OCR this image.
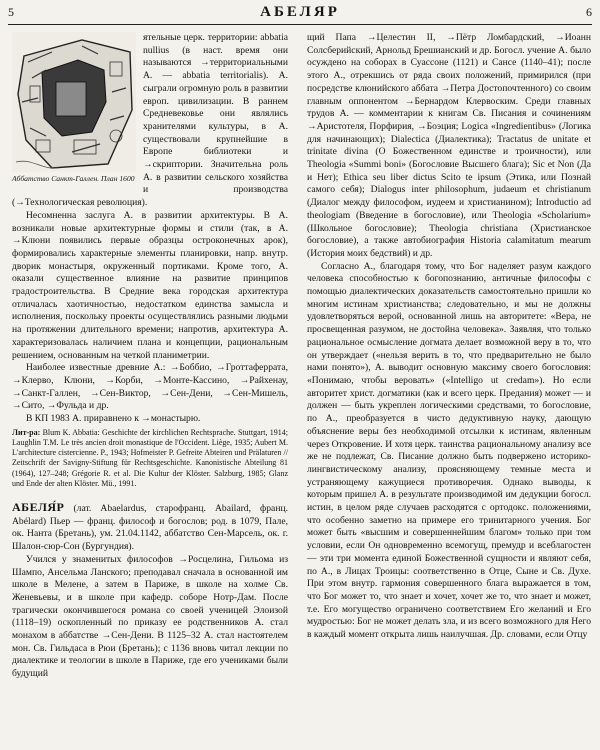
5	АБЕЛЯР	6
Аббатство Санкт-Галлен. План 1600

ятельные церк. территории: abbatia nullius (в наст. время они называются →территориальными А. — abbatia territorialis). А. сыграли огромную роль в развитии европ. цивилизации. В раннем Средневековье они являлись хранителями культуры, в А. существовали крупнейшие в Европе библиотеки и →скриптории. Значительна роль А. в развитии сельского хозяйства и производства (→Технологическая революция).

Несомненна заслуга А. в развитии архитектуры. В А. возникали новые архитектурные формы и стили (так, в А. →Клюни появились первые образцы остроконечных арок), формировались характерные элементы планировки, напр. внутр. дворик монастыря, окруженный портиками. Кроме того, А. оказали существенное влияние на развитие принципов градостроительства. В Средние века городская архитектура отличалась хаотичностью, недостатком единства замысла и исполнения, поскольку проекты осуществлялись разными людьми на протяжении длительного времени; напротив, архитектура А. характеризовалась наличием плана и концепции, рациональным решением, основанным на четкой планиметрии.

Наиболее известные древние А.: →Боббио, →Гроттаферрата, →Клерво, Клюни, →Корби, →Монте-Кассино, →Райхенау, →Санкт-Галлен, →Сен-Виктор, →Сен-Дени, →Сен-Мишель, →Сито, →Фульда и др.

В КП 1983 А. приравнено к →монастырю.

Лит-ра: Blum K. Abbatia: Geschichte der kirchlichen Rechtsprache. Stuttgart, 1914; Laughlin T.M. Le très ancien droit monastique de l'Occident. Liège, 1935; Aubert M. L'architecture cistercienne. P., 1943; Hofmeister P. Gefreite Abteiren und Prälaturen // Zeitschrift der Savigny-Stiftung für Rechtsgeschichte. Kanonistische Abteilung 81 (1964), 127–248; Grégorie R. et al. Die Kultur der Klöster. Salzburg, 1985; Glanz und Ende der alten Klöster. Mü., 1991.

АБЕЛЯ́Р (лат. Abaelardus, старофранц. Abailard, франц. Abélard) Пьер — франц. философ и богослов; род. в 1079, Пале, ок. Нанта (Бретань), ум. 21.04.1142, аббатство Сен-Марсель, ок. г. Шалон-сюр-Сон (Бургундия).

Учился у знаменитых философов →Росцелина, Гильома из Шампо, Ансельма Ланского; преподавал сначала в основанной им школе в Мелене, а затем в Париже, в школе на холме Св. Женевьевы, и в школе при кафедр. соборе Нотр-Дам. После трагически окончившегося романа со своей ученицей Элоизой (1118–19) оскопленный по приказу ее родственников А. стал монахом в аббатстве →Сен-Дени. В 1125–32 А. стал настоятелем мон. Св. Гильдаса в Рюи (Бретань); с 1136 вновь читал лекции по диалектике и теологии в школе в Париже, где его учениками были будущий

щий Папа →Целестин II, →Пётр Ломбардский, →Иоанн Солсберийский, Арнольд Брешианский и др. Богосл. учение А. было осуждено на соборах в Суассоне (1121) и Сансе (1140–41); после этого А., отрекшись от ряда своих положений, примирился (при посредстве клюнийского аббата →Петра Достопочтенного) со своим главным оппонентом →Бернардом Клервоским. Среди главных трудов А. — комментарии к книгам Св. Писания и сочинениям →Аристотеля, Порфирия, →Боэция; Logica «Ingredientibus» (Логика для начинающих); Dialectica (Диалектика); Tractatus de unitate et trinitate divina (О Божественном единстве и троичности), или Theologia «Summi boni» (Богословие Высшего блага); Sic et Non (Да и Нет); Ethica seu liber dictus Scito te ipsum (Этика, или Познай самого себя); Dialogus inter philosophum, judaeum et christianum (Диалог между философом, иудеем и христианином); Introductio ad theologiam (Введение в богословие), или Theologia «Scholarium» (Школьное богословие); Theologia christiana (Христианское богословие), а также автобиография Historia calamitatum mearum (История моих бедствий) и др.

Согласно А., благодаря тому, что Бог наделяет разум каждого человека способностью к богопознанию, античные философы с помощью диалектических доказательств самостоятельно пришли ко многим истинам христианства; следовательно, и мы не должны удовлетворяться верой, основанной лишь на авторитете: «Вера, не просвещенная разумом, не достойна человека». Заявляя, что только рациональное осмысление догмата делает возможной веру в то, что он утверждает («нельзя верить в то, что предварительно не было нами понято»), А. выводит основную максиму своего богословия: «Понимаю, чтобы веровать» («Intelligo ut credam»). Но если авторитет христ. догматики (как и всего церк. Предания) может — и должен — быть укреплен логическими средствами, то богословие, по А., преобразуется в чисто дедуктивную науку, дающую объяснение веры без необходимой отсылки к истинам, явленным через Откровение. И хотя церк. таинства рациональному анализу все же не подлежат, Св. Писание должно быть подвержено историко-лингвистическому анализу, проясняющему темные места и устраняющему кажущиеся противоречия. Однако выводы, к которым пришел А. в результате производимой им дедукции богосл. истин, в целом ряде случаев расходятся с ортодокс. положениями, что особенно заметно на примере его тринитарного учения. Бог может быть «высшим и совершеннейшим благом» только при том условии, если Он одновременно всемогущ, премудр и всеблагостен — эти три момента единой Божественной сущности и являют себя, по А., в Лицах Троицы: соответственно в Отце, Сыне и Св. Духе. При этом внутр. гармония совершенного блага выражается в том, что Бог может то, что знает и хочет, хочет же то, что знает и может, т.е. Его могущество ограничено соответствием Его желаний и Его мудростью: Бог не может делать зла, и из всего возможного для Него в каждый момент открыта лишь наилучшая. Др. словами, если Отцу
